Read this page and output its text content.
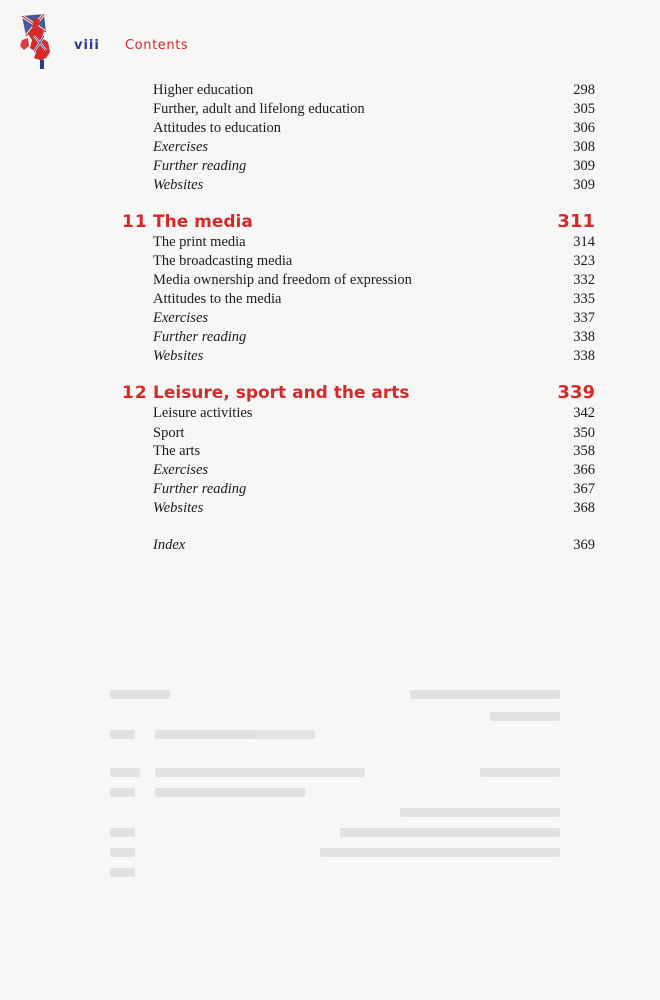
viii Contents
Higher education	298
Further, adult and lifelong education	305
Attitudes to education	306
Exercises	308
Further reading	309
Websites	309
11 The media	311
The print media	314
The broadcasting media	323
Media ownership and freedom of expression	332
Attitudes to the media	335
Exercises	337
Further reading	338
Websites	338
12 Leisure, sport and the arts	339
Leisure activities	342
Sport	350
The arts	358
Exercises	366
Further reading	367
Websites	368
Index	369
